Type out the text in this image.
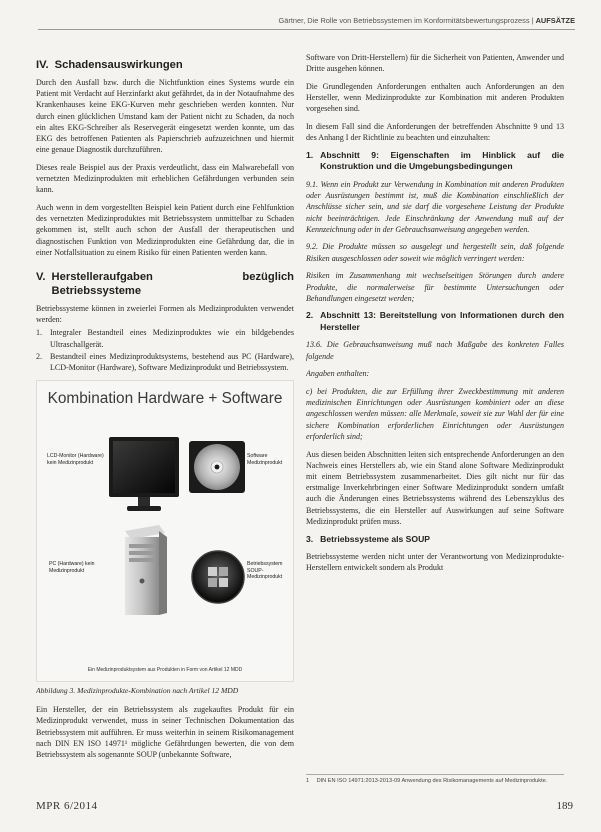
Gärtner, Die Rolle von Betriebssystemen im Konformitätsbewertungsprozess | AUFSÄTZE
IV. Schadensauswirkungen

Durch den Ausfall bzw. durch die Nichtfunktion eines Systems wurde ein Patient mit Verdacht auf Herzinfarkt akut gefährdet, da in der Notaufnahme des Krankenhauses keine EKG-Kurven mehr geschrieben werden konnten. Nur durch einen glücklichen Umstand kam der Patient nicht zu Schaden, da noch ein altes EKG-Schreiber als Reservegerät eingesetzt werden konnte, um das EKG des betroffenen Patienten als Papierschrieb aufzuzeichnen und hiermit eine genaue Diagnostik durchzuführen.

Dieses reale Beispiel aus der Praxis verdeutlicht, dass ein Malwarebefall von vernetzten Medizinprodukten mit erheblichen Gefährdungen verbunden sein kann.

Auch wenn in dem vorgestellten Beispiel kein Patient durch eine Fehlfunktion des vernetzten Medizinproduktes mit Betriebssystem unmittelbar zu Schaden gekommen ist, stellt auch schon der Ausfall der therapeutischen und diagnostischen Funktion von Medizinprodukten eine Gefährdung dar, die in einer Notfallsituation zu einem Risiko für einen Patienten werden kann.

V. Herstelleraufgaben bezüglich Betriebssysteme

Betriebssysteme können in zweierlei Formen als Medizinprodukten verwendet werden:

1. Integraler Bestandteil eines Medizinproduktes wie ein bildgebendes Ultraschallgerät.
2. Bestandteil eines Medizinproduktsystems, bestehend aus PC (Hardware), LCD-Monitor (Hardware), Software Medizinprodukt und Betriebssystem.
Kombination Hardware + Software
LCD-Monitor (Hardware) kein Medizinprodukt
Software Medizinprodukt
PC (Hardware) kein Medizinprodukt
Betriebssystem SOUP-Medizinprodukt
Ein Medizinproduktsystem aus Produkten in Form von Artikel 12 MDD
Abbildung 3. Medizinprodukte-Kombination nach Artikel 12 MDD

Ein Hersteller, der ein Betriebssystem als zugekauftes Produkt für ein Medizinprodukt verwendet, muss in seiner Technischen Dokumentation das Betriebssystem mit aufführen. Er muss weiterhin in seinem Risikomanagement nach DIN EN ISO 14971¹ mögliche Gefährdungen bewerten, die von dem Betriebssystem als sogenannte SOUP (unbekannte Software,

Software von Dritt-Herstellern) für die Sicherheit von Patienten, Anwender und Dritte ausgehen können.

Die Grundlegenden Anforderungen enthalten auch Anforderungen an den Hersteller, wenn Medizinprodukte zur Kombination mit anderen Produkten vorgesehen sind.

In diesem Fall sind die Anforderungen der betreffenden Abschnitte 9 und 13 des Anhang I der Richtlinie zu beachten und einzuhalten:

1. Abschnitt 9: Eigenschaften im Hinblick auf die Konstruktion und die Umgebungsbedingungen

9.1. Wenn ein Produkt zur Verwendung in Kombination mit anderen Produkten oder Ausrüstungen bestimmt ist, muß die Kombination einschließlich der Anschlüsse sicher sein, und sie darf die vorgesehene Leistung der Produkte nicht beeinträchtigen. Jede Einschränkung der Anwendung muß auf der Kennzeichnung oder in der Gebrauchsanweisung angegeben werden.

9.2. Die Produkte müssen so ausgelegt und hergestellt sein, daß folgende Risiken ausgeschlossen oder soweit wie möglich verringert werden:

Risiken im Zusammenhang mit wechselseitigen Störungen durch andere Produkte, die normalerweise für bestimmte Untersuchungen oder Behandlungen eingesetzt werden;

2. Abschnitt 13: Bereitstellung von Informationen durch den Hersteller

13.6. Die Gebrauchsanweisung muß nach Maßgabe des konkreten Falles folgende

Angaben enthalten:

c) bei Produkten, die zur Erfüllung ihrer Zweckbestimmung mit anderen medizinischen Einrichtungen oder Ausrüstungen kombiniert oder an diese angeschlossen werden müssen: alle Merkmale, soweit sie zur Wahl der für eine sichere Kombination erforderlichen Einrichtungen oder Ausrüstungen erforderlich sind;

Aus diesen beiden Abschnitten leiten sich entsprechende Anforderungen an den Nachweis eines Herstellers ab, wie ein Stand alone Software Medizinprodukt mit einem Betriebssystem zusammenarbeitet. Dies gilt nicht nur für das erstmalige Inverkehrbringen einer Software Medizinprodukt sondern umfaßt auch die Änderungen eines Betriebssystems während des Lebenszyklus des Betriebssystems, die ein Hersteller auf Auswirkungen auf seine Software Medizinprodukt prüfen muss.

3. Betriebssysteme als SOUP

Betriebssysteme werden nicht unter der Verantwortung von Medizinprodukte-Herstellern entwickelt sondern als Produkt

1 DIN EN ISO 14971:2013-2013-09 Anwendung des Risikomanagements auf Medizinprodukte.
MPR 6/2014	189
